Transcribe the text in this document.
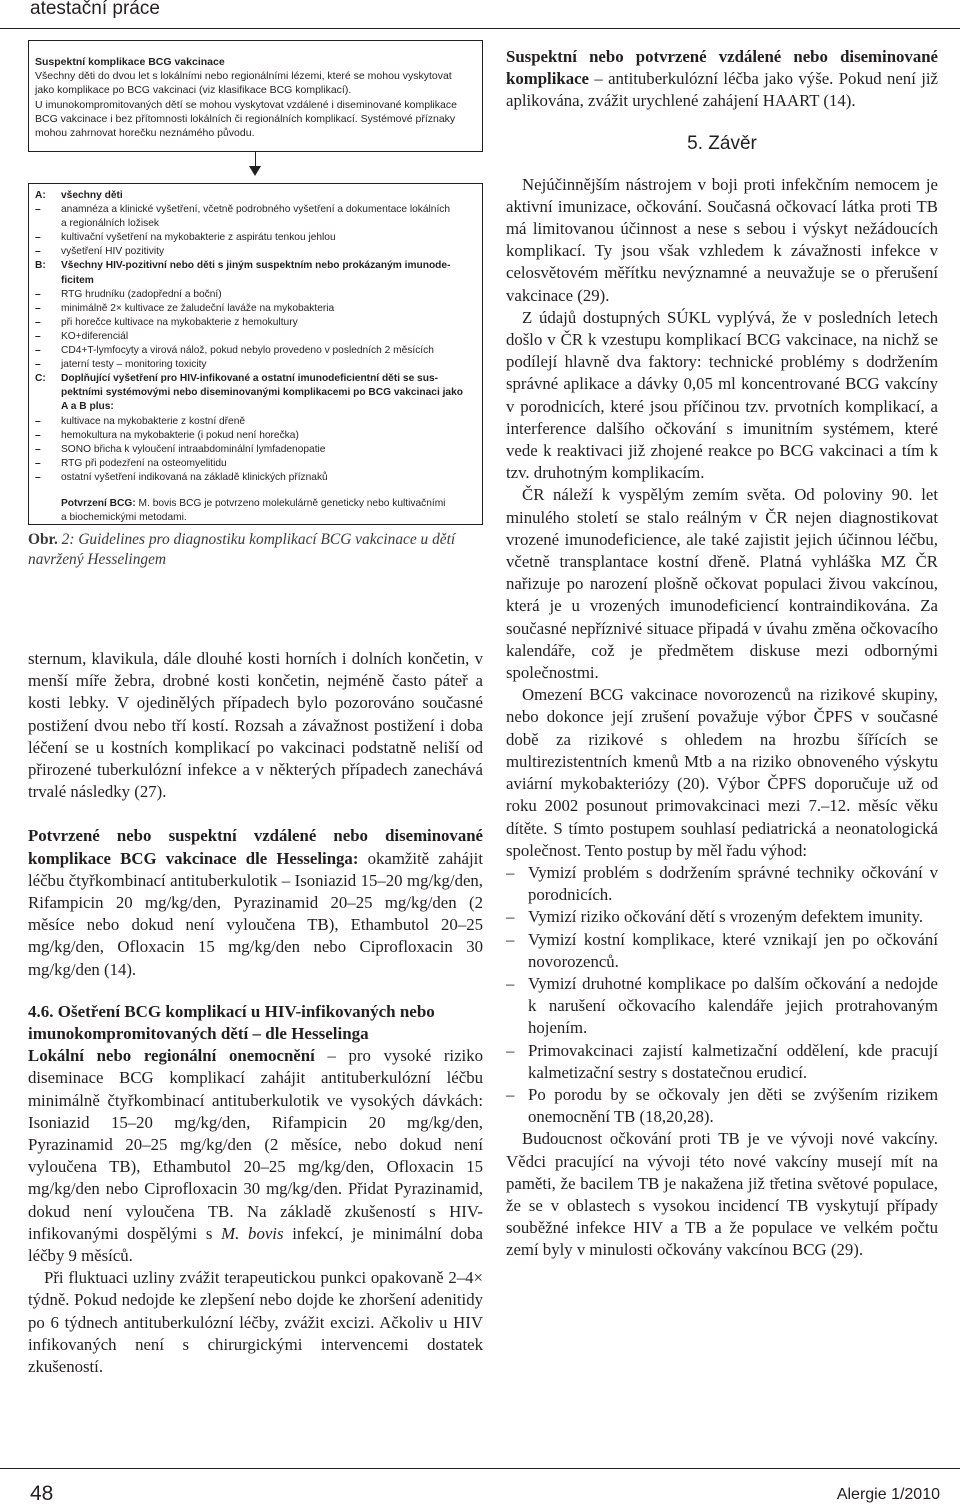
atestační práce
Suspektní komplikace BCG vakcinace
Všechny děti do dvou let s lokálními nebo regionálními lézemi, které se mohou vyskytovat
jako komplikace po BCG vakcinaci (viz klasifikace BCG komplikací).
U imunokompromitovaných dětí se mohou vyskytovat vzdálené i diseminované komplikace
BCG vakcinace i bez přítomnosti lokálních či regionálních komplikací. Systémové příznaky
mohou zahrnovat horečku neznámého původu.
A:	všechny děti
–	anamnéza a klinické vyšetření, včetně podrobného vyšetření a dokumentace lokálních
a regionálních ložisek
–	kultivační vyšetření na mykobakterie z aspirátu tenkou jehlou
–	vyšetření HIV pozitivity
B:	Všechny HIV-pozitivní nebo děti s jiným suspektním nebo prokázaným imunode-
ficitem
–	RTG hrudníku (zadopřední a boční)
–	minimálně 2× kultivace ze žaludeční laváže na mykobakteria
–	při horečce kultivace na mykobakterie z hemokultury
–	KO+diferenciál
–	CD4+T-lymfocyty a virová nálož, pokud nebylo provedeno v posledních 2 měsících
–	jaterní testy – monitoring toxicity
C:	Doplňující vyšetření pro HIV-infikované a ostatní imunodeficientní děti se sus-
pektními systémovými nebo diseminovanými komplikacemi po BCG vakcinaci jako
A a B plus:
–	kultivace na mykobakterie z kostní dřeně
–	hemokultura na mykobakterie (i pokud není horečka)
–	SONO břicha k vyloučení intraabdominální lymfadenopatie
–	RTG při podezření na osteomyelitidu
–	ostatní vyšetření indikovaná na základě klinických příznaků
Potvrzení BCG: M. bovis BCG je potvrzeno molekulárně geneticky nebo kultivačními
a biochemickými metodami.
Obr. 2: Guidelines pro diagnostiku komplikací BCG vakcinace u dětí navržený Hesselingem

sternum, klavikula, dále dlouhé kosti horních i dolních končetin, v menší míře žebra, drobné kosti končetin, nejméně často páteř a kosti lebky. V ojedinělých případech bylo pozorováno současné postižení dvou nebo tří kostí. Rozsah a závažnost postižení i doba léčení se u kostních komplikací po vakcinaci podstatně neliší od přirozené tuberkulózní infekce a v některých případech zanechává trvalé následky (27).

Potvrzené nebo suspektní vzdálené nebo diseminované komplikace BCG vakcinace dle Hesselinga: okamžitě zahájit léčbu čtyřkombinací antituberkulotik – Isoniazid 15–20 mg/kg/den, Rifampicin 20 mg/kg/den, Pyrazinamid 20–25 mg/kg/den (2 měsíce nebo dokud není vyloučena TB), Ethambutol 20–25 mg/kg/den, Ofloxacin 15 mg/kg/den nebo Ciprofloxacin 30 mg/kg/den (14).

4.6. Ošetření BCG komplikací u HIV-infikovaných nebo imunokompromitovaných dětí – dle Hesselinga

Lokální nebo regionální onemocnění – pro vysoké riziko diseminace BCG komplikací zahájit antituberkulózní léčbu minimálně čtyřkombinací antituberkulotik ve vysokých dávkách: Isoniazid 15–20 mg/kg/den, Rifampicin 20 mg/kg/den, Pyrazinamid 20–25 mg/kg/den (2 měsíce, nebo dokud není vyloučena TB), Ethambutol 20–25 mg/kg/den, Ofloxacin 15 mg/kg/den nebo Ciprofloxacin 30 mg/kg/den. Přidat Pyrazinamid, dokud není vyloučena TB. Na základě zkušeností s HIV-infikovanými dospělými s M. bovis infekcí, je minimální doba léčby 9 měsíců.

Při fluktuaci uzliny zvážit terapeutickou punkci opakovaně 2–4× týdně. Pokud nedojde ke zlepšení nebo dojde ke zhoršení adenitidy po 6 týdnech antituberkulózní léčby, zvážit excizi. Ačkoliv u HIV infikovaných není s chirurgickými intervencemi dostatek zkušeností.

Suspektní nebo potvrzené vzdálené nebo diseminované komplikace – antituberkulózní léčba jako výše. Pokud není již aplikována, zvážit urychlené zahájení HAART (14).

5. Závěr

Nejúčinnějším nástrojem v boji proti infekčním nemocem je aktivní imunizace, očkování. Současná očkovací látka proti TB má limitovanou účinnost a nese s sebou i výskyt nežádoucích komplikací. Ty jsou však vzhledem k závažnosti infekce v celosvětovém měřítku nevýznamné a neuvažuje se o přerušení vakcinace (29).

Z údajů dostupných SÚKL vyplývá, že v posledních letech došlo v ČR k vzestupu komplikací BCG vakcinace, na nichž se podílejí hlavně dva faktory: technické problémy s dodržením správné aplikace a dávky 0,05 ml koncentrované BCG vakcíny v porodnicích, které jsou příčinou tzv. prvotních komplikací, a interference dalšího očkování s imunitním systémem, které vede k reaktivaci již zhojené reakce po BCG vakcinaci a tím k tzv. druhotným komplikacím.

ČR náleží k vyspělým zemím světa. Od poloviny 90. let minulého století se stalo reálným v ČR nejen diagnostikovat vrozené imunodeficience, ale také zajistit jejich účinnou léčbu, včetně transplantace kostní dřeně. Platná vyhláška MZ ČR nařizuje po narození plošně očkovat populaci živou vakcínou, která je u vrozených imunodeficiencí kontraindikována. Za současné nepříznivé situace připadá v úvahu změna očkovacího kalendáře, což je předmětem diskuse mezi odbornými společnostmi.

Omezení BCG vakcinace novorozenců na rizikové skupiny, nebo dokonce její zrušení považuje výbor ČPFS v současné době za rizikové s ohledem na hrozbu šířících se multirezistentních kmenů Mtb a na riziko obnoveného výskytu aviární mykobakteriózy (20). Výbor ČPFS doporučuje už od roku 2002 posunout primovakcinaci mezi 7.–12. měsíc věku dítěte. S tímto postupem souhlasí pediatrická a neonatologická společnost. Tento postup by měl řadu výhod:

– Vymizí problém s dodržením správné techniky očkování v porodnicích.
– Vymizí riziko očkování dětí s vrozeným defektem imunity.
– Vymizí kostní komplikace, které vznikají jen po očkování novorozenců.
– Vymizí druhotné komplikace po dalším očkování a nedojde k narušení očkovacího kalendáře jejich protrahovaným hojením.
– Primovakcinaci zajistí kalmetizační oddělení, kde pracují kalmetizační sestry s dostatečnou erudicí.
– Po porodu by se očkovaly jen děti se zvýšením rizikem onemocnění TB (18,20,28).

Budoucnost očkování proti TB je ve vývoji nové vakcíny. Vědci pracující na vývoji této nové vakcíny musejí mít na paměti, že bacilem TB je nakažena již třetina světové populace, že se v oblastech s vysokou incidencí TB vyskytují případy souběžné infekce HIV a TB a že populace ve velkém počtu zemí byly v minulosti očkovány vakcínou BCG (29).

48	Alergie 1/2010
